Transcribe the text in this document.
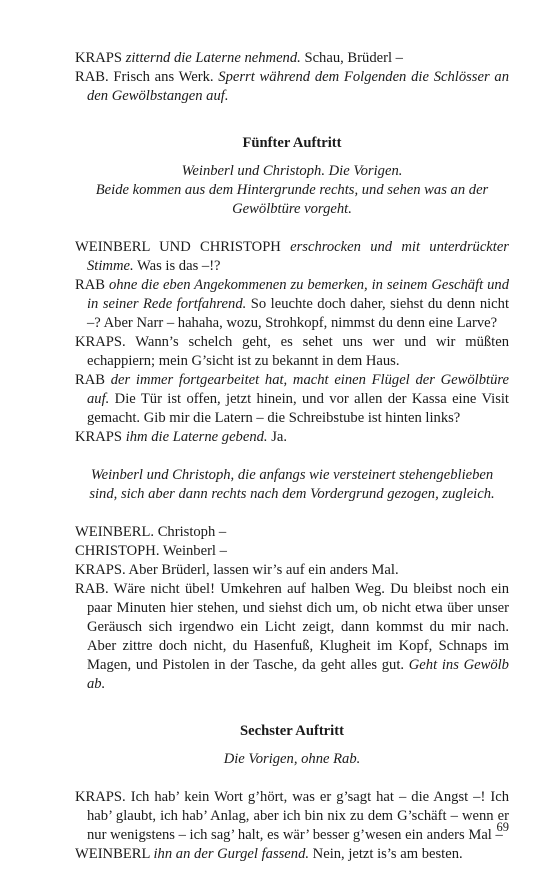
KRAPS zitternd die Laterne nehmend. Schau, Brüderl –

RAB. Frisch ans Werk. Sperrt während dem Folgenden die Schlösser an den Gewölbstangen auf.

Fünfter Auftritt

Weinberl und Christoph. Die Vorigen.

Beide kommen aus dem Hintergrunde rechts, und sehen was an der Gewölbtüre vorgeht.

WEINBERL UND CHRISTOPH erschrocken und mit unterdrückter Stimme. Was is das –!?

RAB ohne die eben Angekommenen zu bemerken, in seinem Geschäft und in seiner Rede fortfahrend. So leuchte doch daher, siehst du denn nicht –? Aber Narr – hahaha, wozu, Strohkopf, nimmst du denn eine Larve?

KRAPS. Wann’s schelch geht, es sehet uns wer und wir müßten echappiern; mein G’sicht ist zu bekannt in dem Haus.

RAB der immer fortgearbeitet hat, macht einen Flügel der Gewölbtüre auf. Die Tür ist offen, jetzt hinein, und vor allen der Kassa eine Visit gemacht. Gib mir die Latern – die Schreibstube ist hinten links?

KRAPS ihm die Laterne gebend. Ja.

Weinberl und Christoph, die anfangs wie versteinert stehengeblieben sind, sich aber dann rechts nach dem Vordergrund gezogen, zugleich.

WEINBERL. Christoph –

CHRISTOPH. Weinberl –

KRAPS. Aber Brüderl, lassen wir’s auf ein anders Mal.

RAB. Wäre nicht übel! Umkehren auf halben Weg. Du bleibst noch ein paar Minuten hier stehen, und siehst dich um, ob nicht etwa über unser Geräusch sich irgendwo ein Licht zeigt, dann kommst du mir nach. Aber zittre doch nicht, du Hasenfuß, Klugheit im Kopf, Schnaps im Magen, und Pistolen in der Tasche, da geht alles gut. Geht ins Gewölb ab.

Sechster Auftritt

Die Vorigen, ohne Rab.

KRAPS. Ich hab’ kein Wort g’hört, was er g’sagt hat – die Angst –! Ich hab’ glaubt, ich hab’ Anlag, aber ich bin nix zu dem G’schäft – wenn er nur wenigstens – ich sag’ halt, es wär’ besser g’wesen ein anders Mal –

WEINBERL ihn an der Gurgel fassend. Nein, jetzt is’s am besten.

69
